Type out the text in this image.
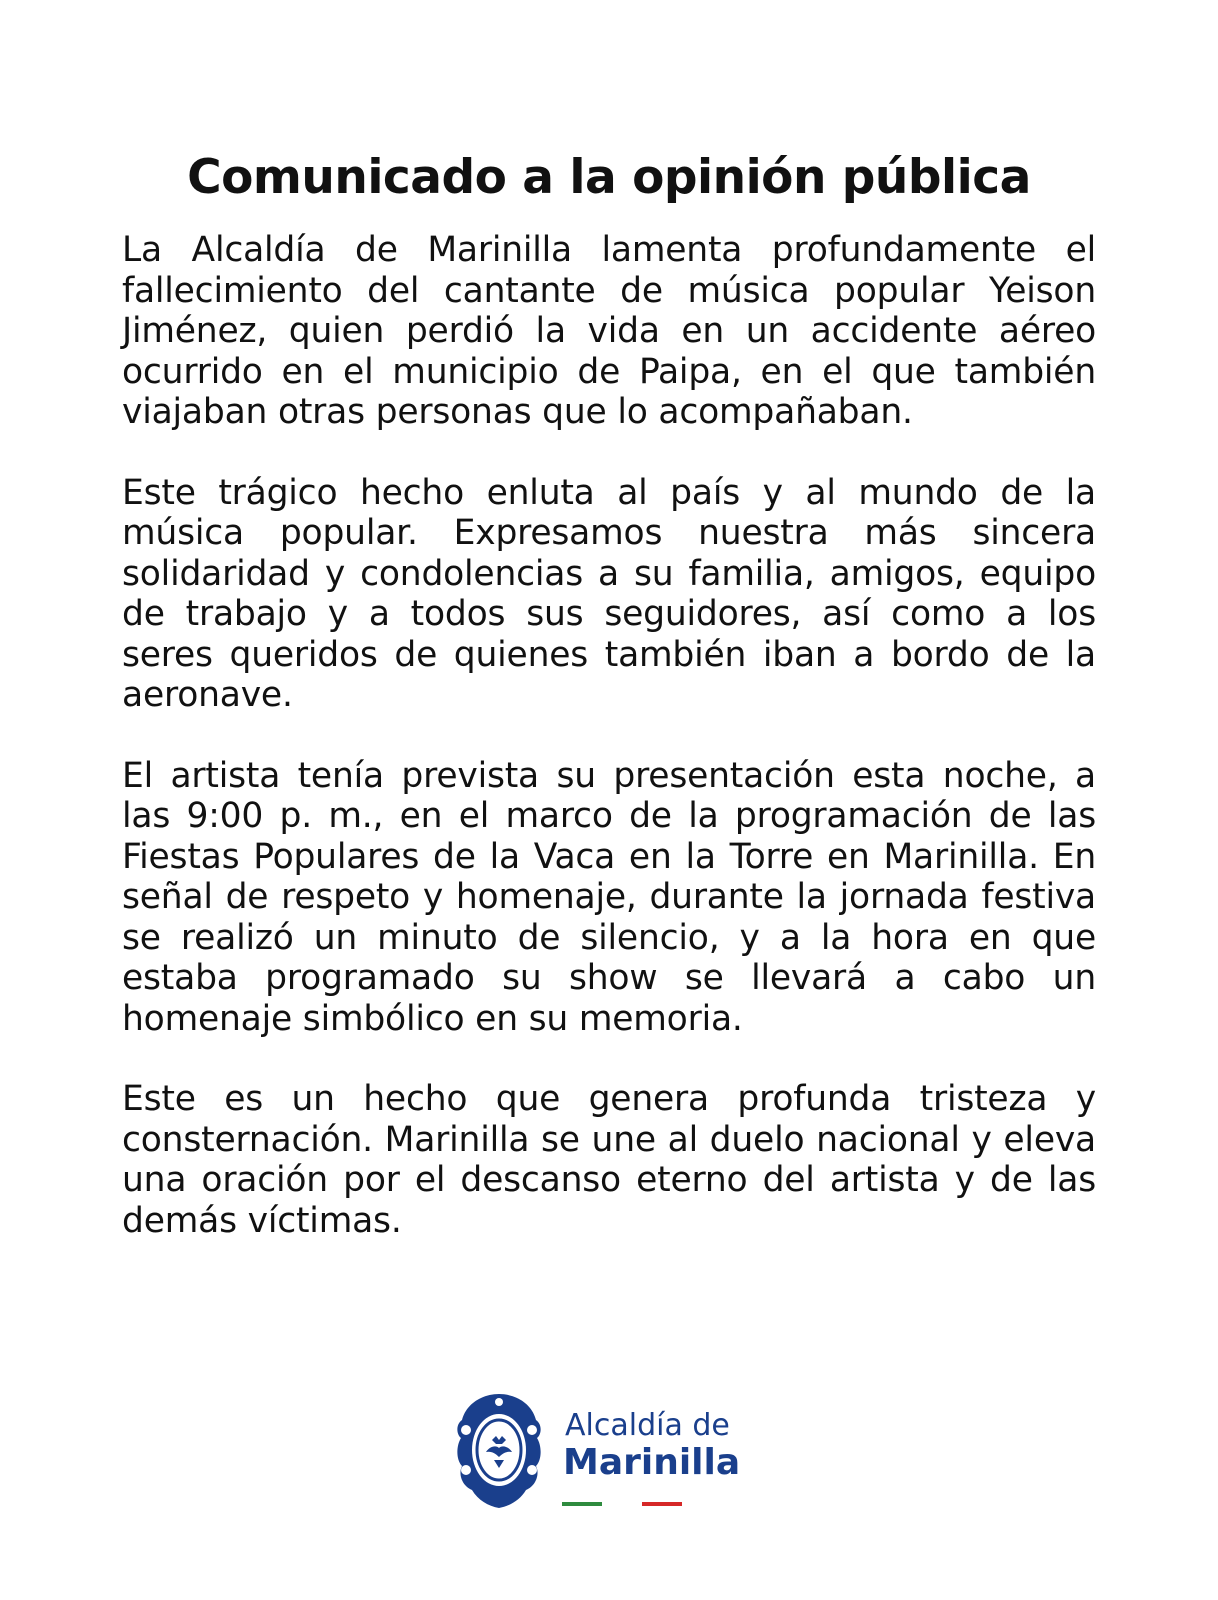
Comunicado a la opinión pública

La Alcaldía de Marinilla lamenta profundamente el fallecimiento del cantante de música popular Yeison Jiménez, quien perdió la vida en un accidente aéreo ocurrido en el municipio de Paipa, en el que también viajaban otras personas que lo acompañaban.

Este trágico hecho enluta al país y al mundo de la música popular. Expresamos nuestra más sincera solidaridad y condolencias a su familia, amigos, equipo de trabajo y a todos sus seguidores, así como a los seres queridos de quienes también iban a bordo de la aeronave.

El artista tenía prevista su presentación esta noche, a las 9:00 p. m., en el marco de la programación de las Fiestas Populares de la Vaca en la Torre en Marinilla. En señal de respeto y homenaje, durante la jornada festiva se realizó un minuto de silencio, y a la hora en que estaba programado su show se llevará a cabo un homenaje simbólico en su memoria.

Este es un hecho que genera profunda tristeza y consternación. Marinilla se une al duelo nacional y eleva una oración por el descanso eterno del artista y de las demás víctimas.

Alcaldía de
Marinilla
